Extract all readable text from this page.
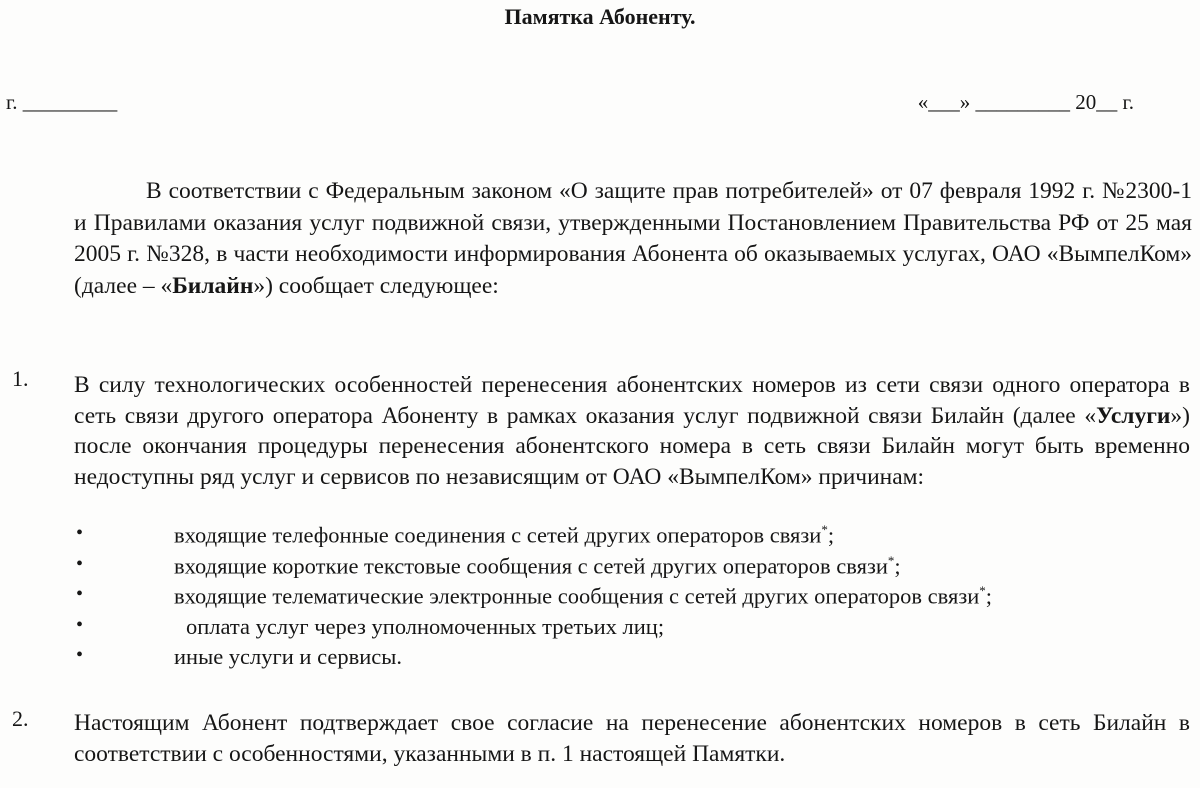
Памятка Абоненту.
г. _________	«___» _________ 20__ г.
В соответствии с Федеральным законом «О защите прав потребителей» от 07 февраля 1992 г. №2300-1 и Правилами оказания услуг подвижной связи, утвержденными Постановлением Правительства РФ от 25 мая 2005 г. №328, в части необходимости информирования Абонента об оказываемых услугах, ОАО «ВымпелКом» (далее – «Билайн») сообщает следующее:
1. В силу технологических особенностей перенесения абонентских номеров из сети связи одного оператора в сеть связи другого оператора Абоненту в рамках оказания услуг подвижной связи Билайн (далее «Услуги») после окончания процедуры перенесения абонентского номера в сеть связи Билайн могут быть временно недоступны ряд услуг и сервисов по независящим от ОАО «ВымпелКом» причинам:
•	входящие телефонные соединения с сетей других операторов связи*;
•	входящие короткие текстовые сообщения с сетей других операторов связи*;
•	входящие телематические электронные сообщения с сетей других операторов связи*;
•	оплата услуг через уполномоченных третьих лиц;
•	иные услуги и сервисы.
2. Настоящим Абонент подтверждает свое согласие на перенесение абонентских номеров в сеть Билайн в соответствии с особенностями, указанными в п. 1 настоящей Памятки.
